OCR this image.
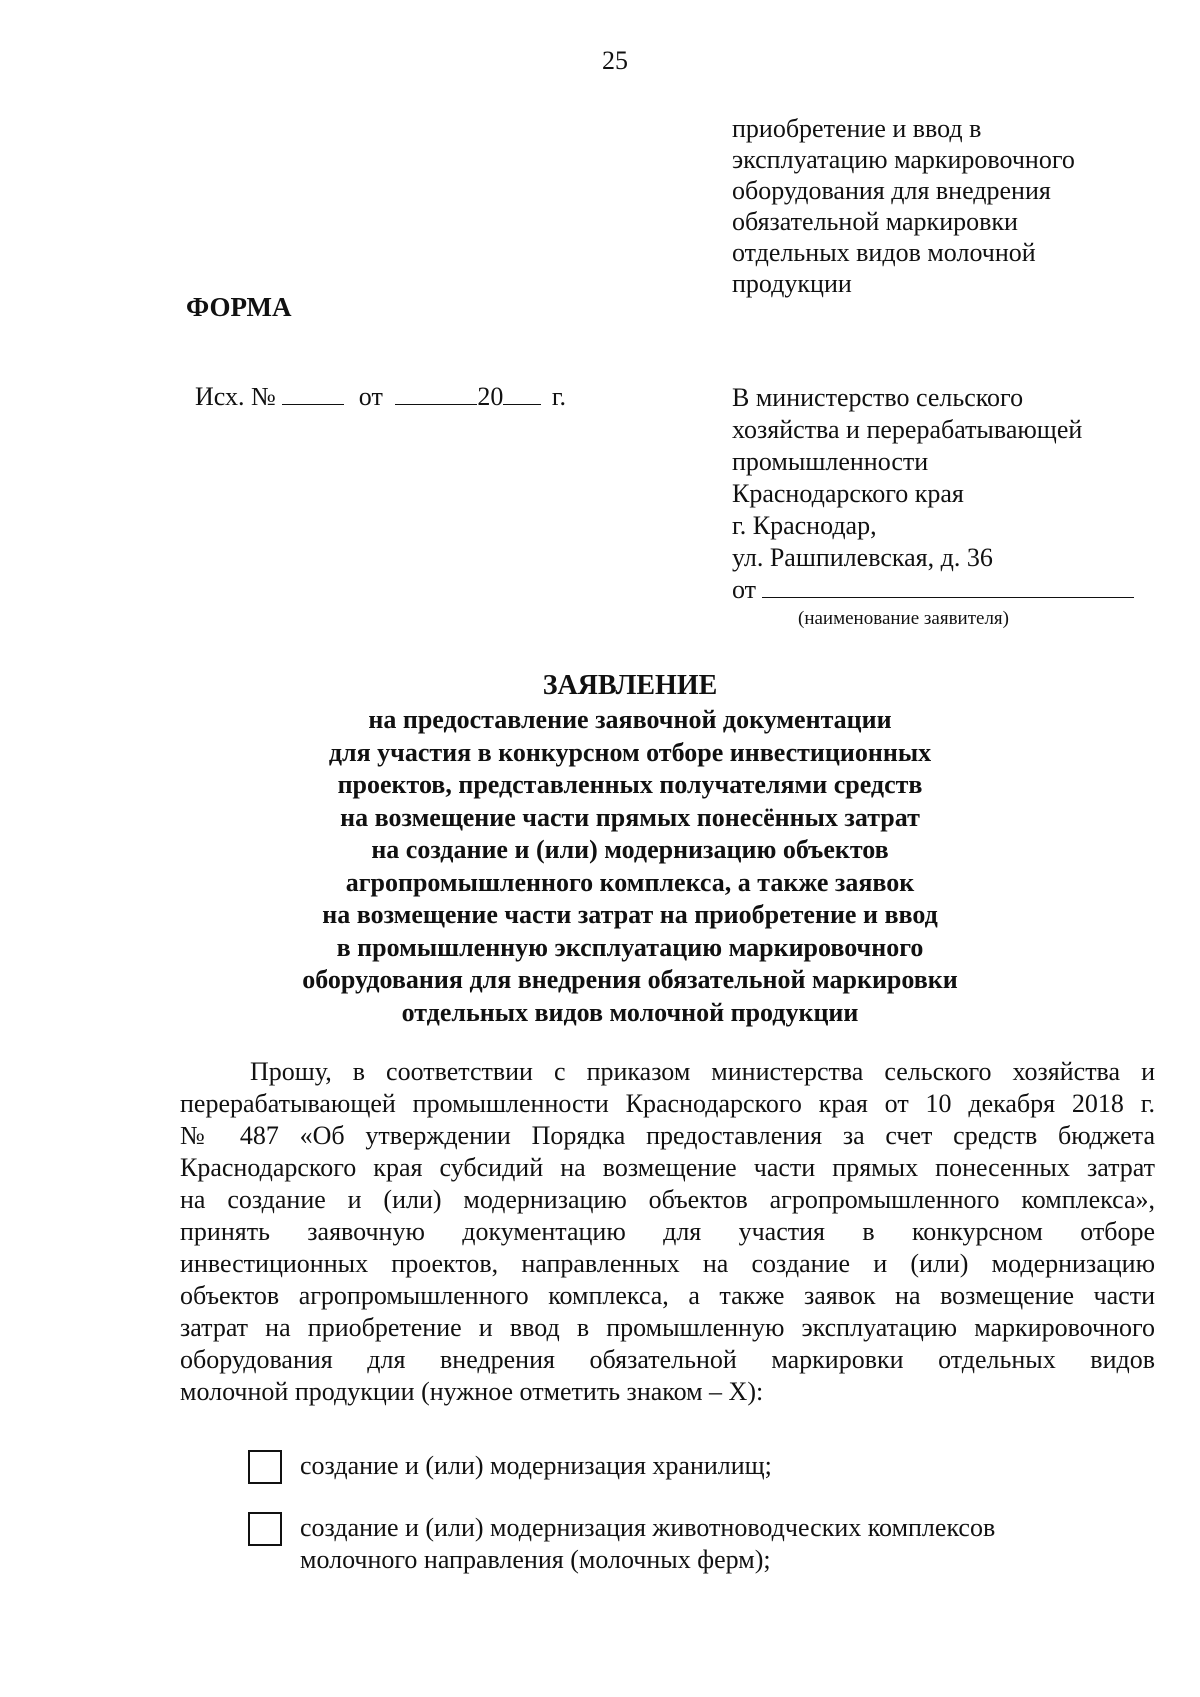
25
приобретение и ввод в
эксплуатацию маркировочного
оборудования для внедрения
обязательной маркировки
отдельных видов молочной
продукции
ФОРМА
Исх. №	от	20 г.	В министерство сельского
хозяйства и перерабатывающей
промышленности
Краснодарского края
г. Краснодар,
ул. Рашпилевская, д. 36
от
(наименование заявителя)
ЗАЯВЛЕНИЕ
на предоставление заявочной документации
для участия в конкурсном отборе инвестиционных
проектов, представленных получателями средств
на возмещение части прямых понесённых затрат
на создание и (или) модернизацию объектов
агропромышленного комплекса, а также заявок
на возмещение части затрат на приобретение и ввод
в промышленную эксплуатацию маркировочного
оборудования для внедрения обязательной маркировки
отдельных видов молочной продукции
Прошу, в соответствии с приказом министерства сельского хозяйства и
перерабатывающей промышленности Краснодарского края от 10 декабря 2018 г.
№ 487 «Об утверждении Порядка предоставления за счет средств бюджета
Краснодарского края субсидий на возмещение части прямых понесенных затрат
на создание и (или) модернизацию объектов агропромышленного комплекса»,
принять заявочную документацию для участия в конкурсном отборе
инвестиционных проектов, направленных на создание и (или) модернизацию
объектов агропромышленного комплекса, а также заявок на возмещение части
затрат на приобретение и ввод в промышленную эксплуатацию маркировочного
оборудования для внедрения обязательной маркировки отдельных видов
молочной продукции (нужное отметить знаком – Х):
создание и (или) модернизация хранилищ;
создание и (или) модернизация животноводческих комплексов
молочного направления (молочных ферм);
